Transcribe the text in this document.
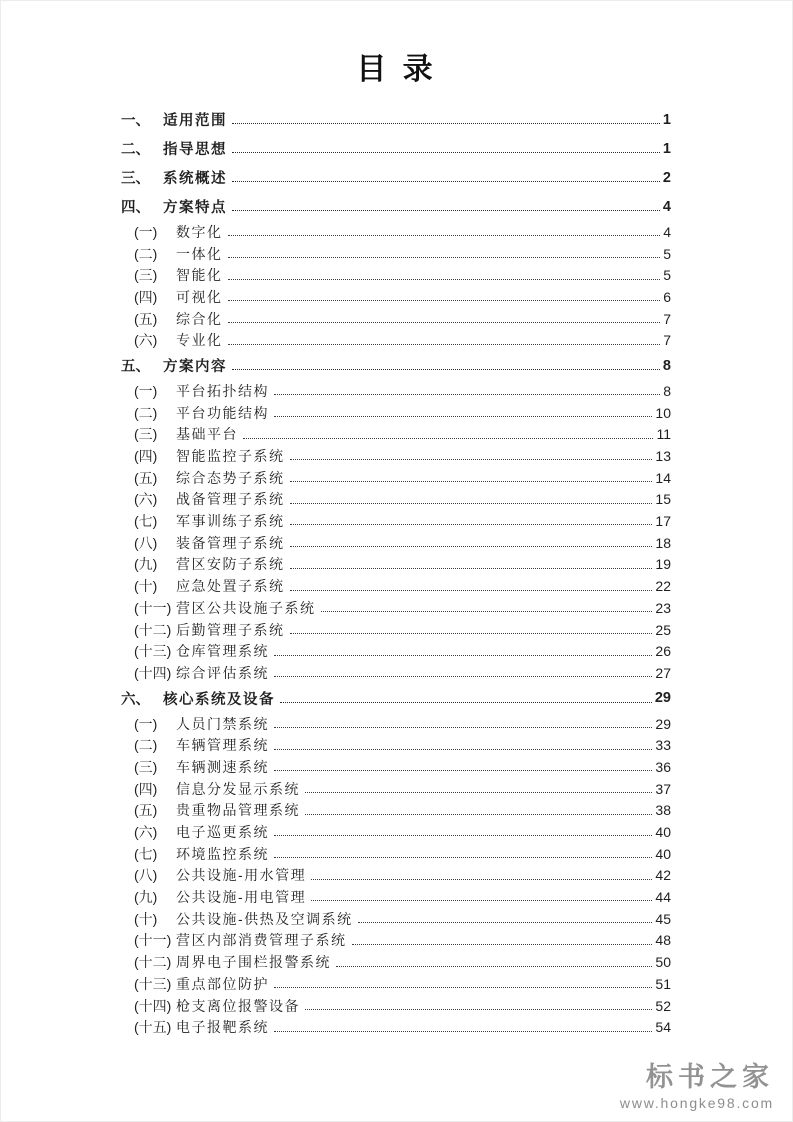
目 录
一、 适用范围	1
二、 指导思想	1
三、 系统概述	2
四、 方案特点	4
(一)	数字化	4
(二)	一体化	5
(三)	智能化	5
(四)	可视化	6
(五)	综合化	7
(六)	专业化	7
五、 方案内容	8
(一)	平台拓扑结构	8
(二)	平台功能结构	10
(三)	基础平台	11
(四)	智能监控子系统	13
(五)	综合态势子系统	14
(六)	战备管理子系统	15
(七)	军事训练子系统	17
(八)	装备管理子系统	18
(九)	营区安防子系统	19
(十)	应急处置子系统	22
(十一) 营区公共设施子系统	23
(十二) 后勤管理子系统	25
(十三) 仓库管理系统	26
(十四) 综合评估系统	27
六、 核心系统及设备	29
(一)	人员门禁系统	29
(二)	车辆管理系统	33
(三)	车辆测速系统	36
(四)	信息分发显示系统	37
(五)	贵重物品管理系统	38
(六)	电子巡更系统	40
(七)	环境监控系统	40
(八)	公共设施-用水管理	42
(九)	公共设施-用电管理	44
(十)	公共设施-供热及空调系统	45
(十一) 营区内部消费管理子系统	48
(十二) 周界电子围栏报警系统	50
(十三) 重点部位防护	51
(十四) 枪支离位报警设备	52
(十五) 电子报靶系统	54
标书之家
www.hongke98.com
